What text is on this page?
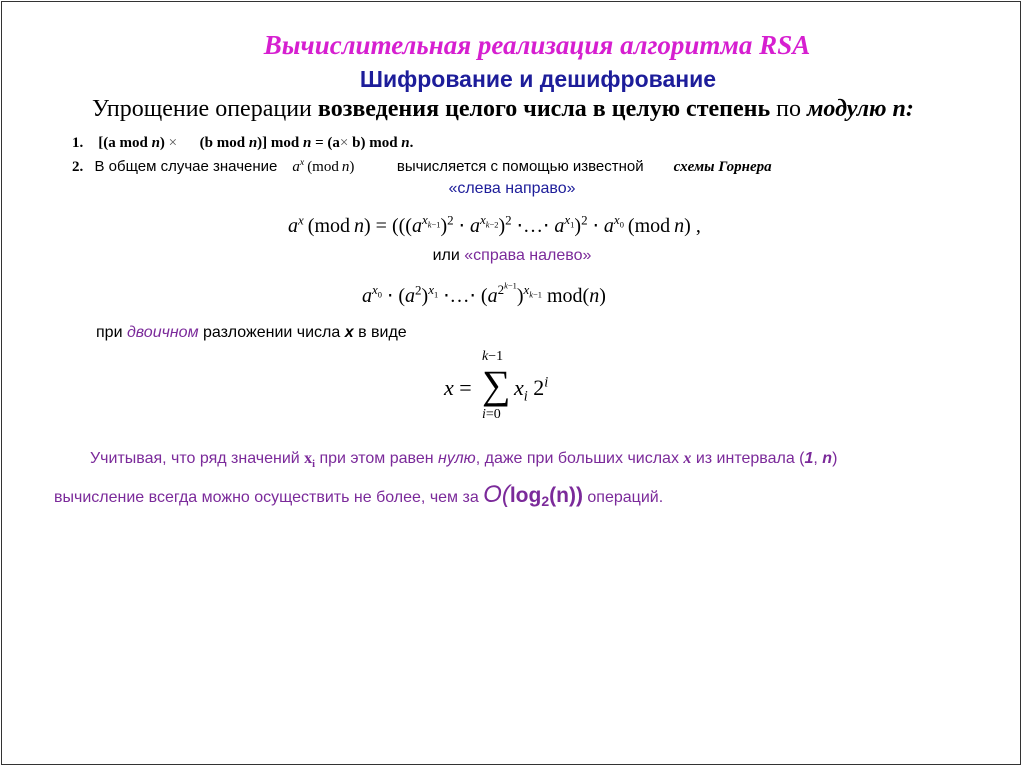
Вычислительная реализация алгоритма RSA
Шифрование и дешифрование
Упрощение операции возведения целого числа в целую степень по модулю n:
1. [(a mod n) × (b mod n)] mod n = (a× b) mod n.
2. В общем случае значение $a^x$ (mod n)	вычисляется с помощью известной схемы Горнера
«слева направо»
$a^x$ (mod $n) = (((a^{x_{k-1}})^2 \cdot a^{x_{k-2}})^2$ ⋅…⋅ $a^{x_1})^2 \cdot a^{x_0}$ (mod n) ,
или «справа налево»
$a^{x_0} \cdot (a^2)^{x_1}$ ⋅…⋅ $(a^{2^{k-1}})^{x_{k-1}}$ mod(n)
при двоичном разложении числа x в виде
x = ∑
k−1
i=0
$x_i$ 2$^i$
Учитывая, что ряд значений $x_i$ при этом равен нулю, даже при больших числах x из интервала (1, n)
вычисление всегда можно осуществить не более, чем за $O(\log_2(n))$ операций.
